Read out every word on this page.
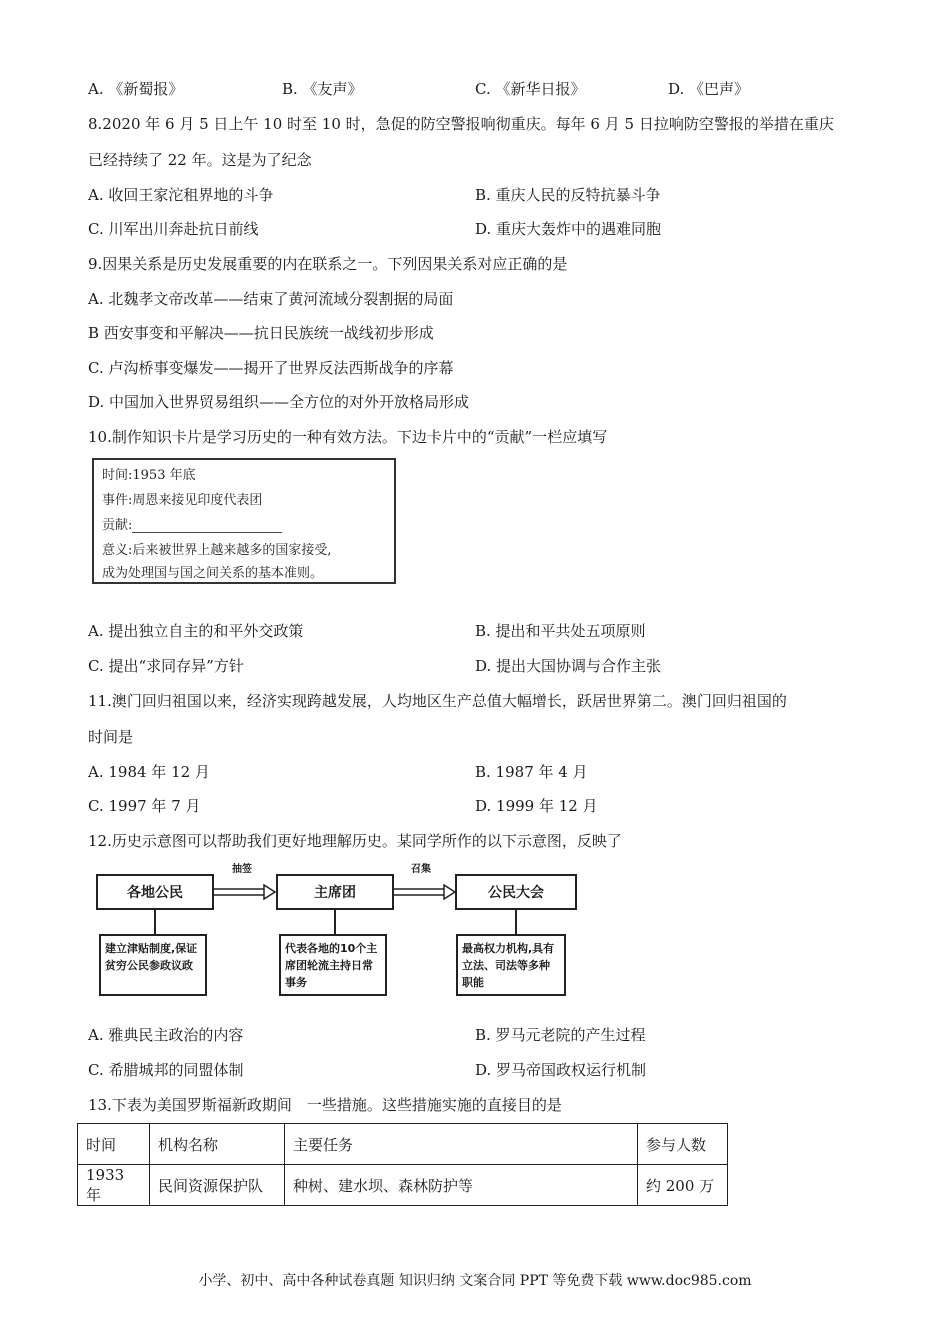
A. 《新蜀报》	B. 《友声》	C. 《新华日报》	D. 《巴声》
8.2020 年 6 月 5 日上午 10 时至 10 时，急促的防空警报响彻重庆。每年 6 月 5 日拉响防空警报的举措在重庆
已经持续了 22 年。这是为了纪念
A. 收回王家沱租界地的斗争	B. 重庆人民的反特抗暴斗争
C. 川军出川奔赴抗日前线	D. 重庆大轰炸中的遇难同胞
9.因果关系是历史发展重要的内在联系之一。下列因果关系对应正确的是
A. 北魏孝文帝改革——结束了黄河流域分裂割据的局面
B 西安事变和平解决——抗日民族统一战线初步形成
C. 卢沟桥事变爆发——揭开了世界反法西斯战争的序幕
D. 中国加入世界贸易组织——全方位的对外开放格局形成
10.制作知识卡片是学习历史的一种有效方法。下边卡片中的“贡献”一栏应填写
时间:1953 年底
事件:周恩来接见印度代表团
贡献:
意义:后来被世界上越来越多的国家接受,
成为处理国与国之间关系的基本准则。
A. 提出独立自主的和平外交政策	B. 提出和平共处五项原则
C. 提出“求同存异”方针	D. 提出大国协调与合作主张
11.澳门回归祖国以来，经济实现跨越发展，人均地区生产总值大幅增长，跃居世界第二。澳门回归祖国的
时间是
A. 1984 年 12 月	B. 1987 年 4 月
C. 1997 年 7 月	D. 1999 年 12 月
12.历史示意图可以帮助我们更好地理解历史。某同学所作的以下示意图，反映了
各地公民	主席团	公民大会
抽签	召集
建立津贴制度,保证贫穷公民参政议政
代表各地的10个主席团轮流主持日常事务
最高权力机构,具有立法、司法等多种职能
A. 雅典民主政治的内容	B. 罗马元老院的产生过程
C. 希腊城邦的同盟体制	D. 罗马帝国政权运行机制
13.下表为美国罗斯福新政期间　一些措施。这些措施实施的直接目的是
时间	机构名称	主要任务	参与人数
1933 年	民间资源保护队	种树、建水坝、森林防护等	约 200 万
小学、初中、高中各种试卷真题 知识归纳 文案合同 PPT 等免费下载 www.doc985.com
